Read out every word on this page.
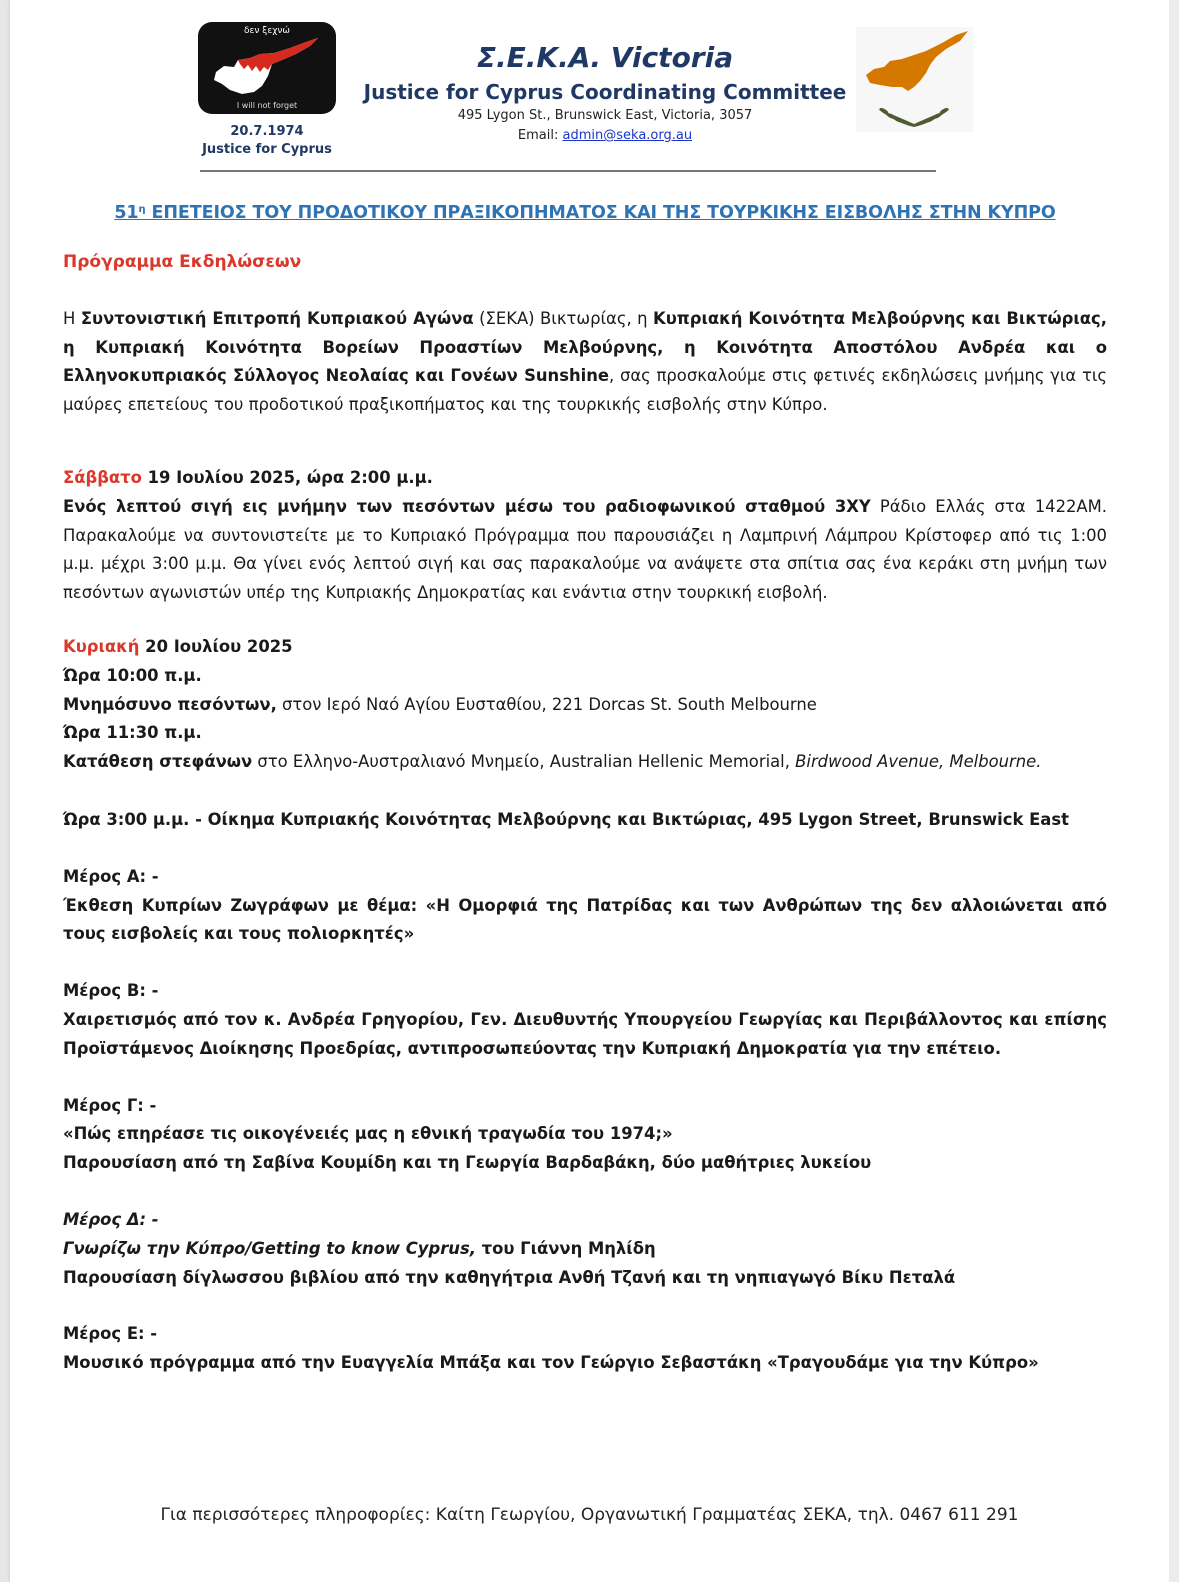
δεν ξεχνώ
I will not forget
20.7.1974
Justice for Cyprus
Σ.Ε.Κ.Α. Victoria
Justice for Cyprus Coordinating Committee
495 Lygon St., Brunswick East, Victoria, 3057
Email: admin@seka.org.au
$51^\eta$ ΕΠΕΤΕΙΟΣ ΤΟΥ ΠΡΟΔΟΤΙΚΟΥ ΠΡΑΞΙΚΟΠΗΜΑΤΟΣ ΚΑΙ ΤΗΣ ΤΟΥΡΚΙΚΗΣ ΕΙΣΒΟΛΗΣ ΣΤΗΝ ΚΥΠΡΟ
Πρόγραμμα Εκδηλώσεων
Η Συντονιστική Επιτροπή Κυπριακού Αγώνα (ΣΕΚΑ) Βικτωρίας, η Κυπριακή Κοινότητα Μελβούρνης και Βικτώριας, η Κυπριακή Κοινότητα Βορείων Προαστίων Μελβούρνης, η Κοινότητα Αποστόλου Ανδρέα και ο Ελληνοκυπριακός Σύλλογος Νεολαίας και Γονέων Sunshine, σας προσκαλούμε στις φετινές εκδηλώσεις μνήμης για τις μαύρες επετείους του προδοτικού πραξικοπήματος και της τουρκικής εισβολής στην Κύπρο.
Σάββατο 19 Ιουλίου 2025, ώρα 2:00 μ.μ.
Ενός λεπτού σιγή εις μνήμην των πεσόντων μέσω του ραδιοφωνικού σταθμού 3XY Ράδιο Ελλάς στα 1422AM. Παρακαλούμε να συντονιστείτε με το Κυπριακό Πρόγραμμα που παρουσιάζει η Λαμπρινή Λάμπρου Κρίστοφερ από τις 1:00 μ.μ. μέχρι 3:00 μ.μ. Θα γίνει ενός λεπτού σιγή και σας παρακαλούμε να ανάψετε στα σπίτια σας ένα κεράκι στη μνήμη των πεσόντων αγωνιστών υπέρ της Κυπριακής Δημοκρατίας και ενάντια στην τουρκική εισβολή.
Κυριακή 20 Ιουλίου 2025
Ώρα 10:00 π.μ.
Μνημόσυνο πεσόντων, στον Ιερό Ναό Αγίου Ευσταθίου, 221 Dorcas St. South Melbourne
Ώρα 11:30 π.μ.
Κατάθεση στεφάνων στο Ελληνο-Αυστραλιανό Μνημείο, Australian Hellenic Memorial, Birdwood Avenue, Melbourne.
Ώρα 3:00 μ.μ. - Οίκημα Κυπριακής Κοινότητας Μελβούρνης και Βικτώριας, 495 Lygon Street, Brunswick East
Μέρος Α: -
Έκθεση Κυπρίων Ζωγράφων με θέμα: «Η Ομορφιά της Πατρίδας και των Ανθρώπων της δεν αλλοιώνεται από τους εισβολείς και τους πολιορκητές»
Μέρος Β: -
Χαιρετισμός από τον κ. Ανδρέα Γρηγορίου, Γεν. Διευθυντής Υπουργείου Γεωργίας και Περιβάλλοντος και επίσης Προϊστάμενος Διοίκησης Προεδρίας, αντιπροσωπεύοντας την Κυπριακή Δημοκρατία για την επέτειο.
Μέρος Γ: -
«Πώς επηρέασε τις οικογένειές μας η εθνική τραγωδία του 1974;»
Παρουσίαση από τη Σαβίνα Κουμίδη και τη Γεωργία Βαρδαβάκη, δύο μαθήτριες λυκείου
Μέρος Δ: -
Γνωρίζω την Κύπρο/Getting to know Cyprus, του Γιάννη Μηλίδη
Παρουσίαση δίγλωσσου βιβλίου από την καθηγήτρια Ανθή Τζανή και τη νηπιαγωγό Βίκυ Πεταλά
Μέρος Ε: -
Μουσικό πρόγραμμα από την Ευαγγελία Μπάξα και τον Γεώργιο Σεβαστάκη «Τραγουδάμε για την Κύπρο»
Για περισσότερες πληροφορίες: Καίτη Γεωργίου, Οργανωτική Γραμματέας ΣΕΚΑ, τηλ. 0467 611 291
